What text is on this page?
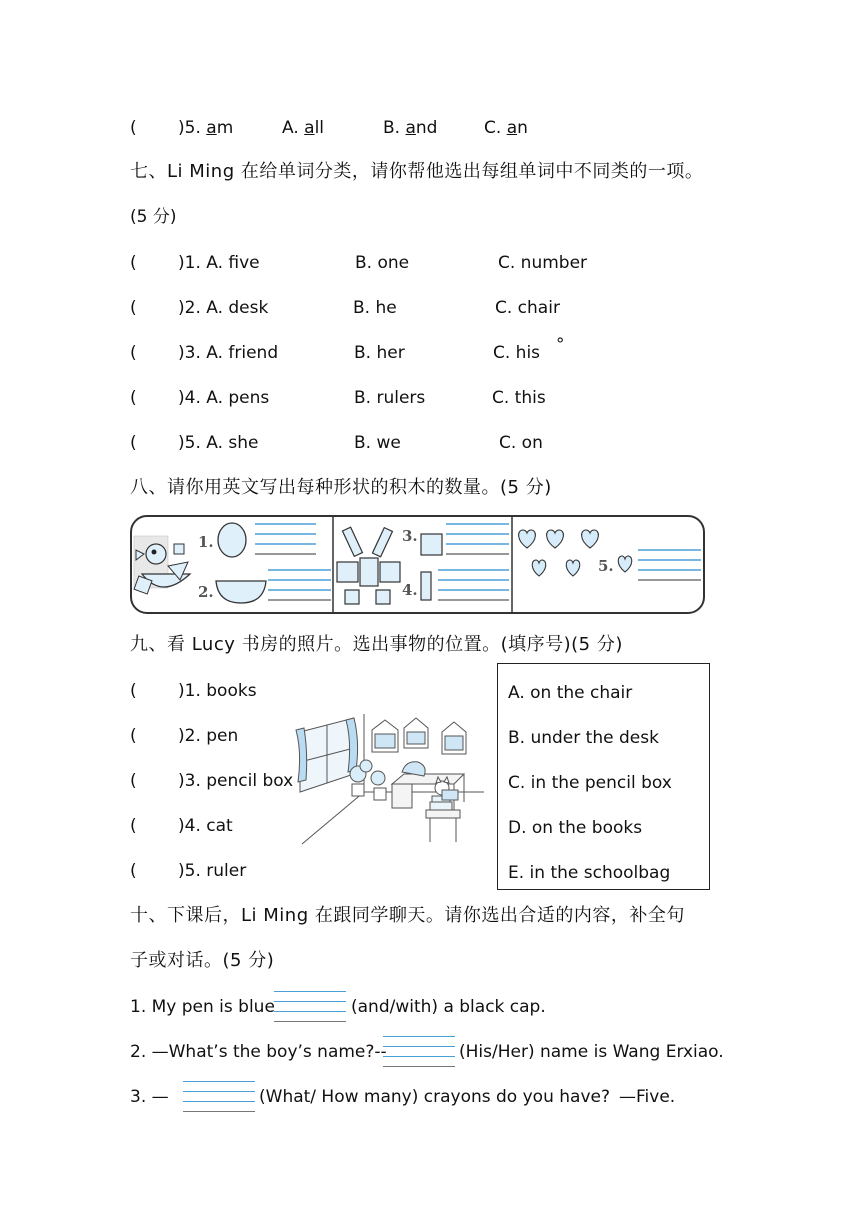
( )5. am	A. all	B. and	C. an
七、Li Ming 在给单词分类，请你帮他选出每组单词中不同类的一项。
(5 分)
( )1. A. five	B. one	C. number
( )2. A. desk	B. he	C. chair
( )3. A. friend	B. her	C. his °
( )4. A. pens	B. rulers	C. this
( )5. A. she	B. we	C. on
八、请你用英文写出每种形状的积木的数量。(5 分)
1.
2.
3.
4.
5.
九、看 Lucy 书房的照片。选出事物的位置。(填序号)(5 分)
( )1. books
( )2. pen
( )3. pencil box
( )4. cat
( )5. ruler
A. on the chair
B. under the desk
C. in the pencil box
D. on the books
E. in the schoolbag
十、下课后，Li Ming 在跟同学聊天。请你选出合适的内容，补全句
子或对话。(5 分)
1. My pen is blue	(and/with) a black cap.
2. —What’s the boy’s name?--	(His/Her) name is Wang Erxiao.
3. —	(What/ How many) crayons do you have? —Five.
